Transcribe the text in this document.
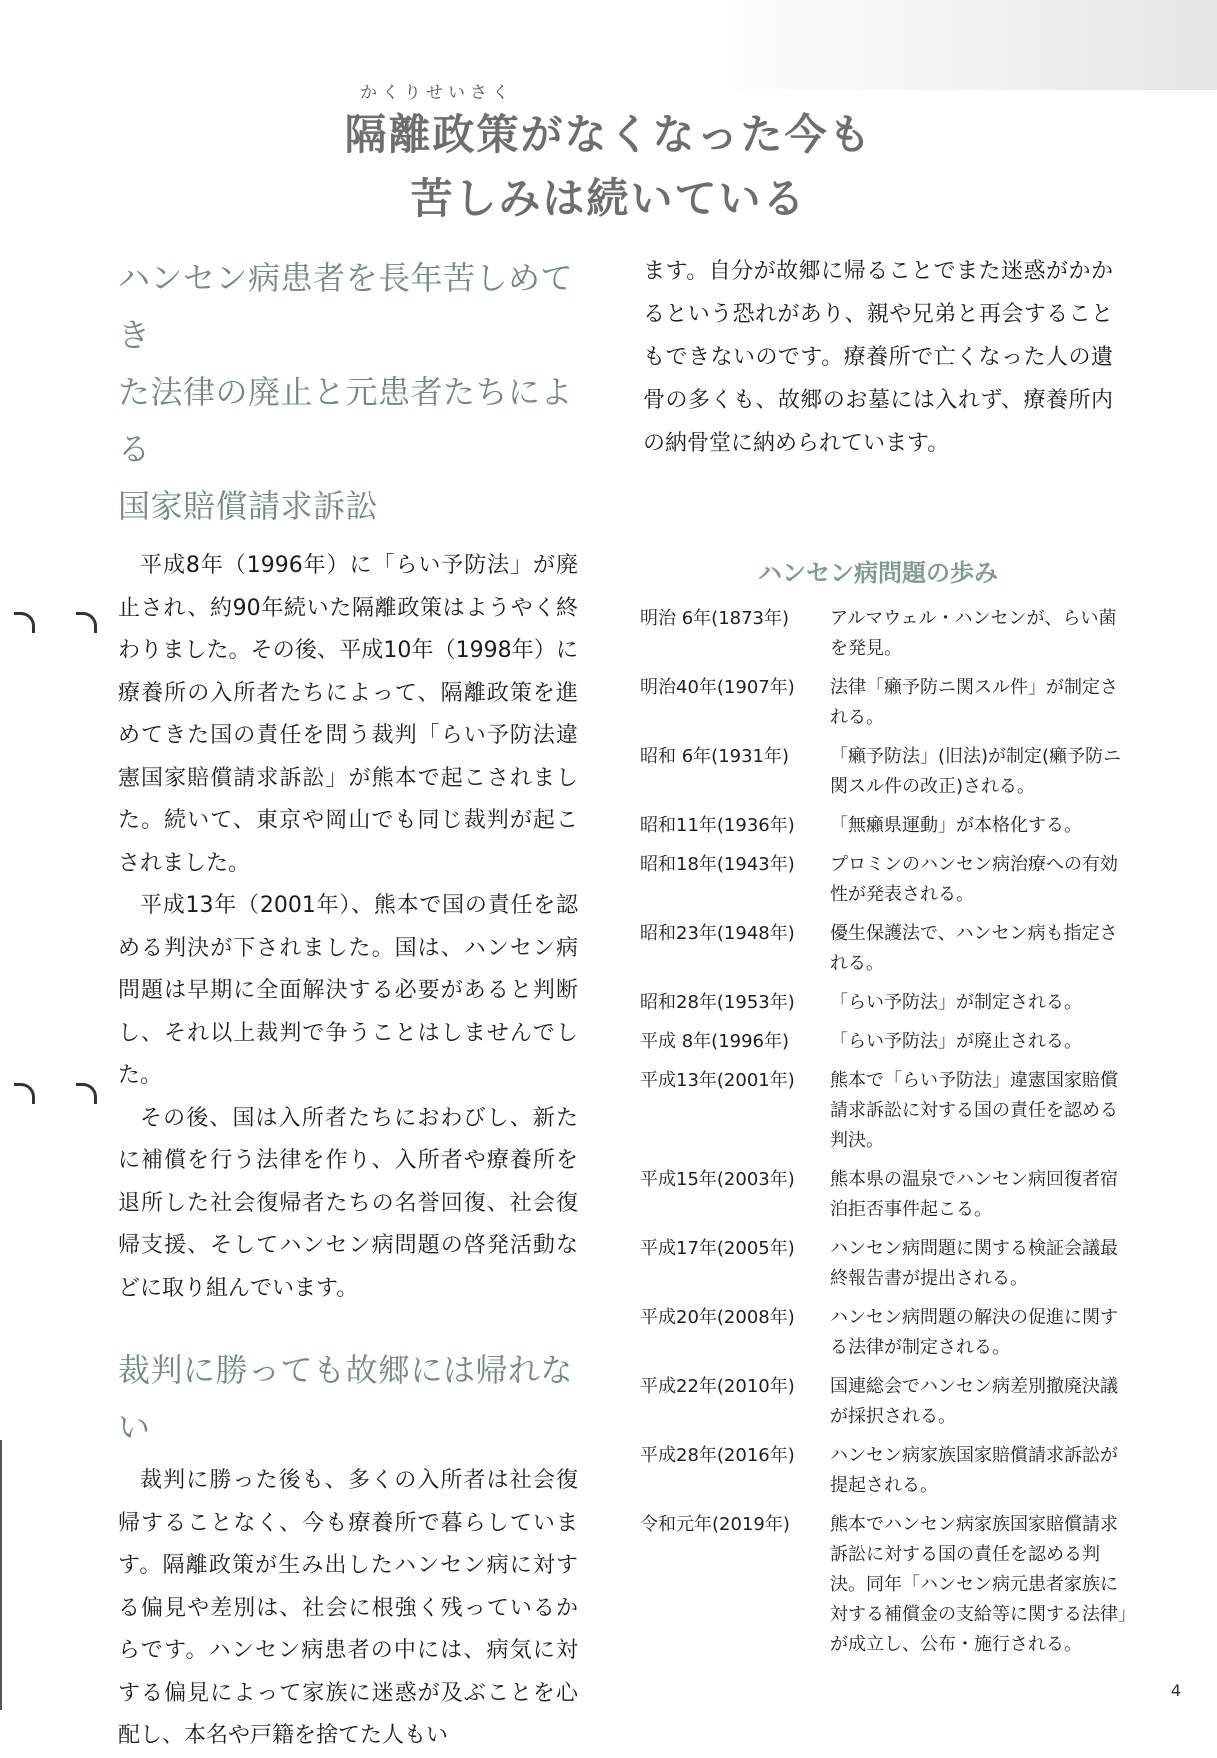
かくりせいさく
隔離政策がなくなった今も
苦しみは続いている

ハンセン病患者を長年苦しめてき

た法律の廃止と元患者たちによる

国家賠償請求訴訟

平成8年（1996年）に「らい予防法」が廃止され、約90年続いた隔離政策はようやく終わりました。その後、平成10年（1998年）に療養所の入所者たちによって、隔離政策を進めてきた国の責任を問う裁判「らい予防法違憲国家賠償請求訴訟」が熊本で起こされました。続いて、東京や岡山でも同じ裁判が起こされました。

平成13年（2001年）、熊本で国の責任を認める判決が下されました。国は、ハンセン病問題は早期に全面解決する必要があると判断し、それ以上裁判で争うことはしませんでした。

その後、国は入所者たちにおわびし、新たに補償を行う法律を作り、入所者や療養所を退所した社会復帰者たちの名誉回復、社会復帰支援、そしてハンセン病問題の啓発活動などに取り組んでいます。

裁判に勝っても故郷には帰れない

裁判に勝った後も、多くの入所者は社会復帰することなく、今も療養所で暮らしています。隔離政策が生み出したハンセン病に対する偏見や差別は、社会に根強く残っているからです。ハンセン病患者の中には、病気に対する偏見によって家族に迷惑が及ぶことを心配し、本名や戸籍を捨てた人もい

ます。自分が故郷に帰ることでまた迷惑がかかるという恐れがあり、親や兄弟と再会することもできないのです。療養所で亡くなった人の遺骨の多くも、故郷のお墓には入れず、療養所内の納骨堂に納められています。

ハンセン病問題の歩み
明治 6年(1873年)	アルマウェル・ハンセンが、らい菌を発見。
明治40年(1907年)	法律「癩予防ニ関スル件」が制定される。
昭和 6年(1931年)	「癩予防法」(旧法)が制定(癩予防ニ関スル件の改正)される。
昭和11年(1936年)	「無癩県運動」が本格化する。
昭和18年(1943年)	プロミンのハンセン病治療への有効性が発表される。
昭和23年(1948年)	優生保護法で、ハンセン病も指定される。
昭和28年(1953年)	「らい予防法」が制定される。
平成 8年(1996年)	「らい予防法」が廃止される。
平成13年(2001年)	熊本で「らい予防法」違憲国家賠償請求訴訟に対する国の責任を認める判決。
平成15年(2003年)	熊本県の温泉でハンセン病回復者宿泊拒否事件起こる。
平成17年(2005年)	ハンセン病問題に関する検証会議最終報告書が提出される。
平成20年(2008年)	ハンセン病問題の解決の促進に関する法律が制定される。
平成22年(2010年)	国連総会でハンセン病差別撤廃決議が採択される。
平成28年(2016年)	ハンセン病家族国家賠償請求訴訟が提起される。
令和元年(2019年)	熊本でハンセン病家族国家賠償請求訴訟に対する国の責任を認める判決。同年「ハンセン病元患者家族に対する補償金の支給等に関する法律」が成立し、公布・施行される。
4
